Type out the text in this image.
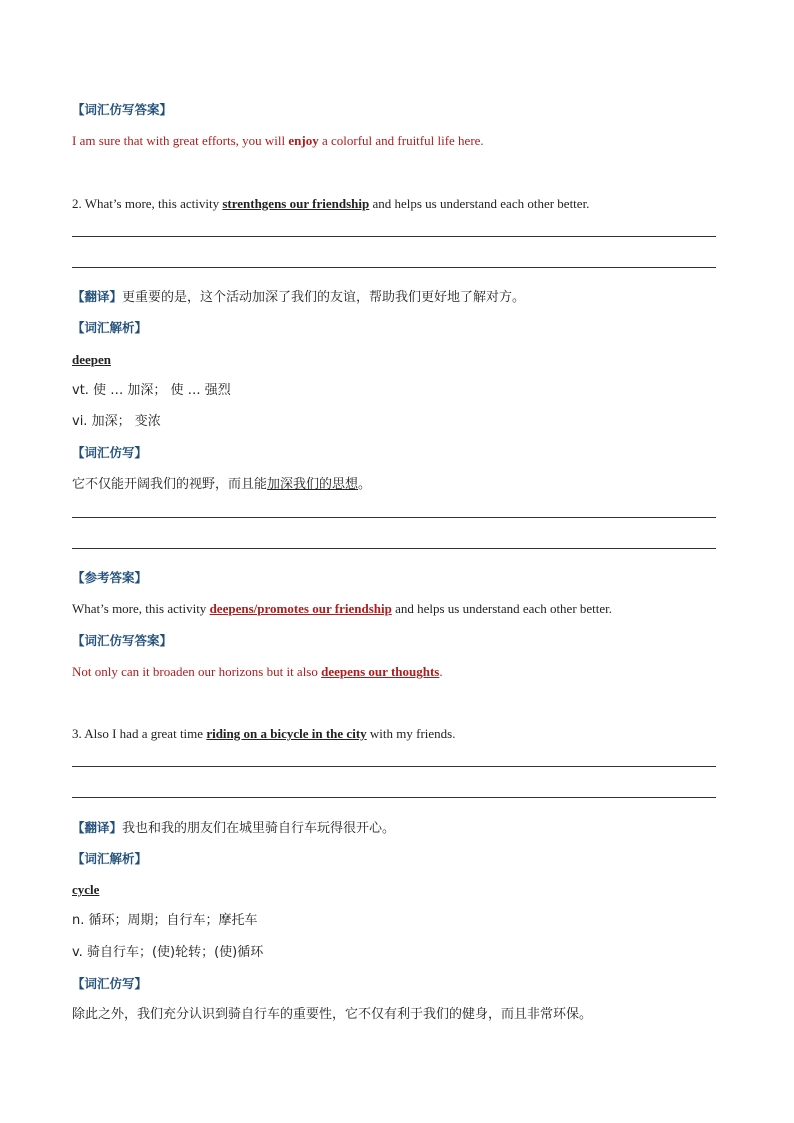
【词汇仿写答案】
I am sure that with great efforts, you will enjoy a colorful and fruitful life here.
2. What’s more, this activity strenthgens our friendship and helps us understand each other better.
【翻译】更重要的是，这个活动加深了我们的友谊，帮助我们更好地了解对方。
【词汇解析】
deepen
vt. 使 … 加深； 使 … 强烈
vi. 加深； 变浓
【词汇仿写】
它不仅能开阔我们的视野，而且能加深我们的思想。
【参考答案】
What’s more, this activity deepens/promotes our friendship and helps us understand each other better.
【词汇仿写答案】
Not only can it broaden our horizons but it also deepens our thoughts.
3. Also I had a great time riding on a bicycle in the city with my friends.
【翻译】我也和我的朋友们在城里骑自行车玩得很开心。
【词汇解析】
cycle
n. 循环；周期；自行车；摩托车
v. 骑自行车；(使)轮转；(使)循环
【词汇仿写】
除此之外，我们充分认识到骑自行车的重要性，它不仅有利于我们的健身，而且非常环保。
